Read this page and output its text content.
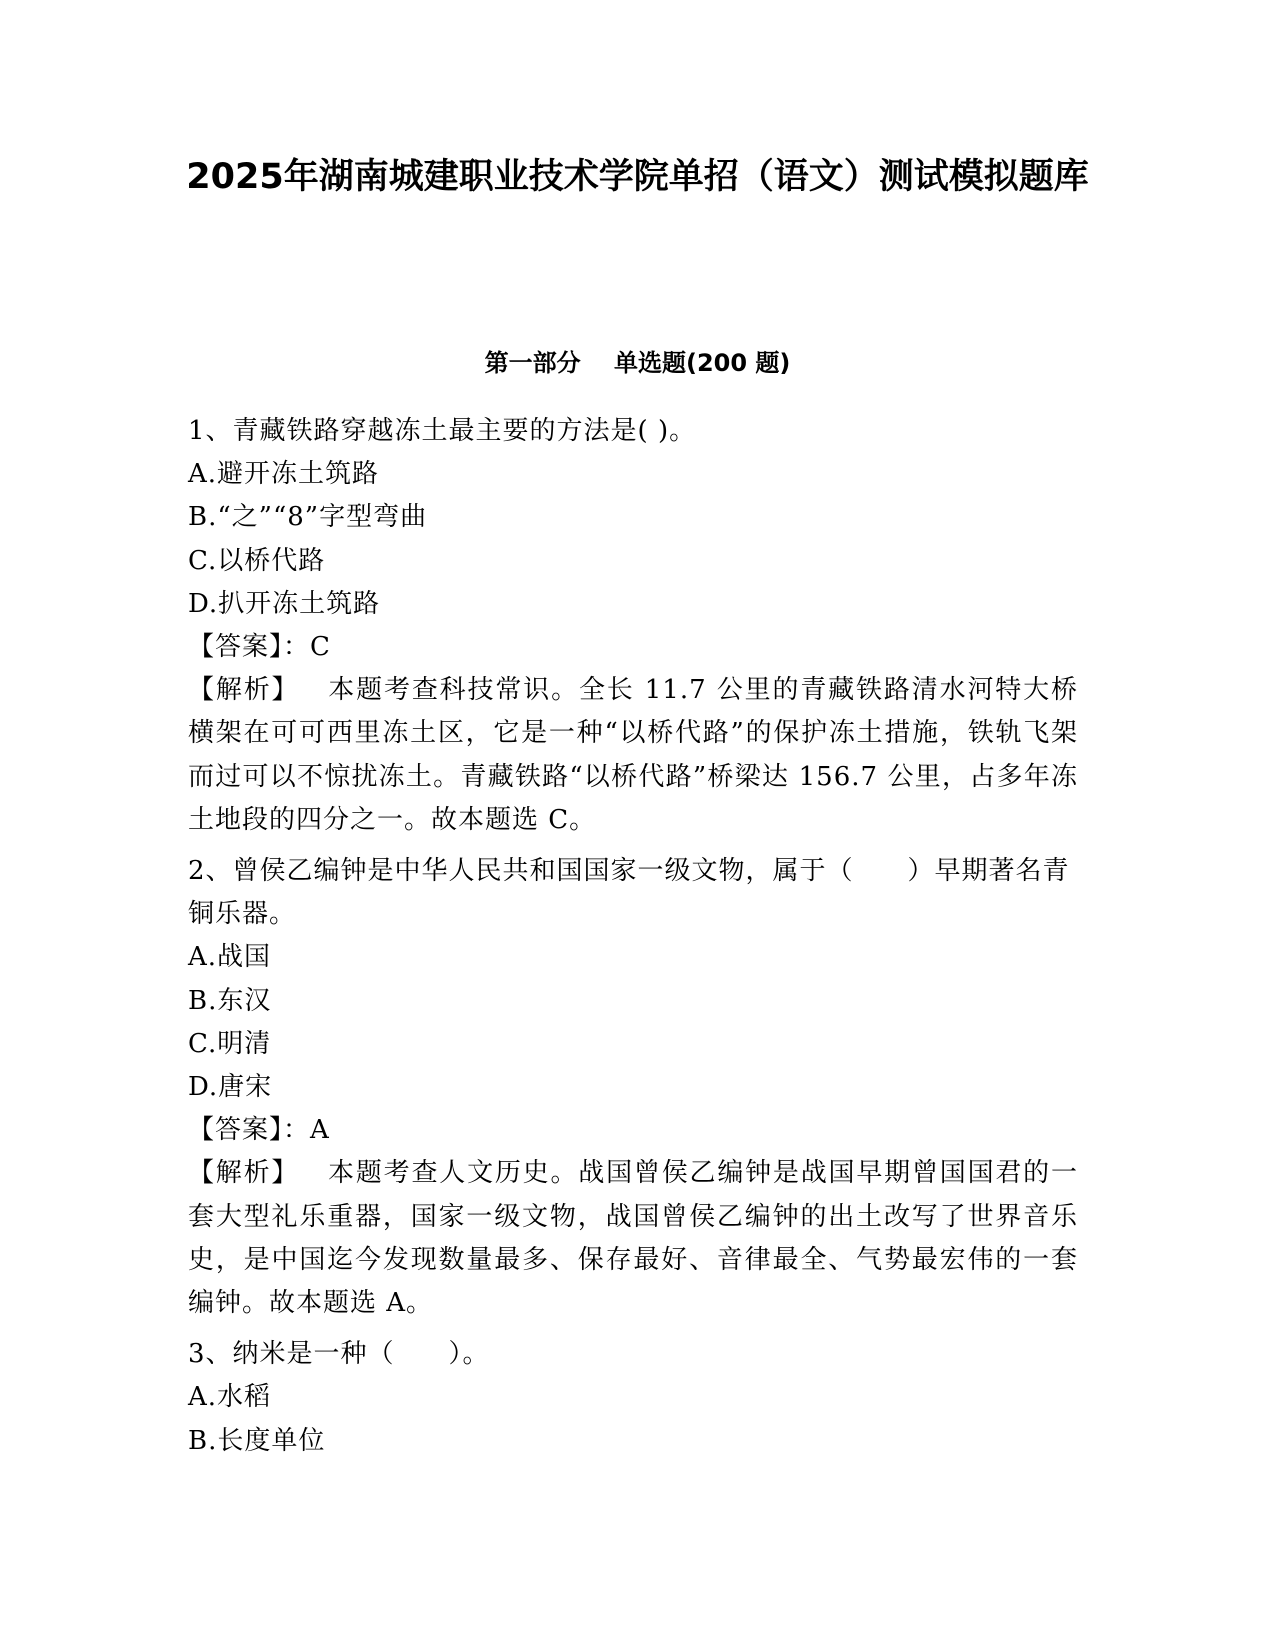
2025年湖南城建职业技术学院单招（语文）测试模拟题库
第一部分    单选题(200 题)

1、青藏铁路穿越冻土最主要的方法是( )。

A.避开冻土筑路

B.“之”“8”字型弯曲

C.以桥代路

D.扒开冻土筑路

【答案】：C

【解析】 本题考查科技常识。全长 11.7 公里的青藏铁路清水河特大桥横架在可可西里冻土区，它是一种“以桥代路”的保护冻土措施，铁轨飞架而过可以不惊扰冻土。青藏铁路“以桥代路”桥梁达 156.7 公里，占多年冻土地段的四分之一。故本题选 C。

2、曾侯乙编钟是中华人民共和国国家一级文物，属于（　　）早期著名青铜乐器。

A.战国

B.东汉

C.明清

D.唐宋

【答案】：A

【解析】 本题考查人文历史。战国曾侯乙编钟是战国早期曾国国君的一套大型礼乐重器，国家一级文物，战国曾侯乙编钟的出土改写了世界音乐史，是中国迄今发现数量最多、保存最好、音律最全、气势最宏伟的一套编钟。故本题选 A。

3、纳米是一种（　　）。

A.水稻

B.长度单位
